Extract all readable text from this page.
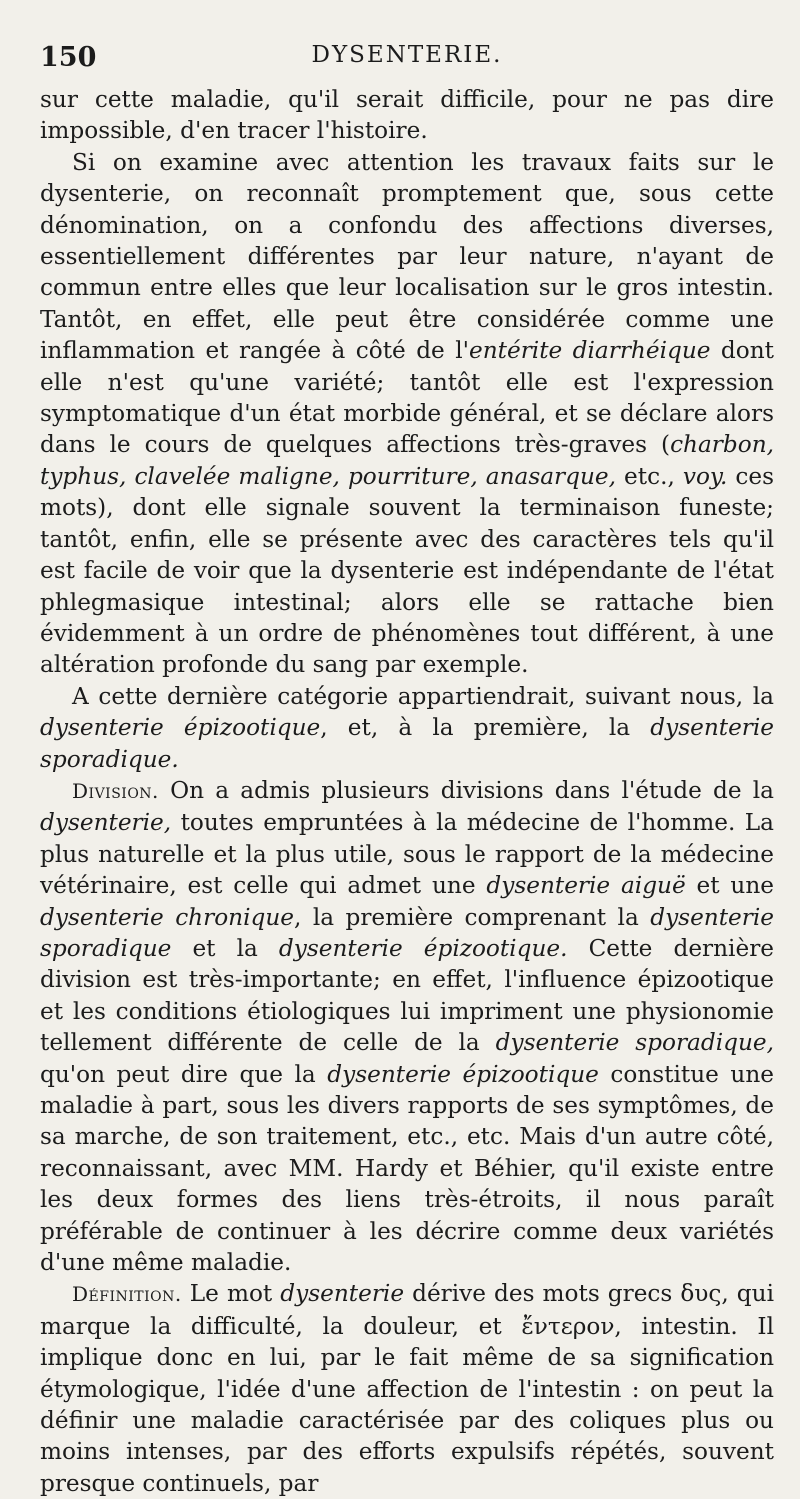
150	DYSENTERIE.

sur cette maladie, qu'il serait difficile, pour ne pas dire impossible, d'en tracer l'histoire.

Si on examine avec attention les travaux faits sur le dysenterie, on reconnaît promptement que, sous cette dénomination, on a confondu des affections diverses, essentiellement différentes par leur nature, n'ayant de commun entre elles que leur localisation sur le gros intestin. Tantôt, en effet, elle peut être considérée comme une inflammation et rangée à côté de l'entérite diarrhéique dont elle n'est qu'une variété; tantôt elle est l'expression symptomatique d'un état morbide général, et se déclare alors dans le cours de quelques affections très-graves (charbon, typhus, clavelée maligne, pourriture, anasarque, etc., voy. ces mots), dont elle signale souvent la terminaison funeste; tantôt, enfin, elle se présente avec des caractères tels qu'il est facile de voir que la dysenterie est indépendante de l'état phlegmasique intestinal; alors elle se rattache bien évidemment à un ordre de phénomènes tout différent, à une altération profonde du sang par exemple.

A cette dernière catégorie appartiendrait, suivant nous, la dysenterie épizootique, et, à la première, la dysenterie sporadique.

Division. On a admis plusieurs divisions dans l'étude de la dysenterie, toutes empruntées à la médecine de l'homme. La plus naturelle et la plus utile, sous le rapport de la médecine vétérinaire, est celle qui admet une dysenterie aiguë et une dysenterie chronique, la première comprenant la dysenterie sporadique et la dysenterie épizootique. Cette dernière division est très-importante; en effet, l'influence épizootique et les conditions étiologiques lui impriment une physionomie tellement différente de celle de la dysenterie sporadique, qu'on peut dire que la dysenterie épizootique constitue une maladie à part, sous les divers rapports de ses symptômes, de sa marche, de son traitement, etc., etc. Mais d'un autre côté, reconnaissant, avec MM. Hardy et Béhier, qu'il existe entre les deux formes des liens très-étroits, il nous paraît préférable de continuer à les décrire comme deux variétés d'une même maladie.

Définition. Le mot dysenterie dérive des mots grecs δυς, qui marque la difficulté, la douleur, et ἔντερον, intestin. Il implique donc en lui, par le fait même de sa signification étymologique, l'idée d'une affection de l'intestin : on peut la définir une maladie caractérisée par des coliques plus ou moins intenses, par des efforts expulsifs répétés, souvent presque continuels, par
